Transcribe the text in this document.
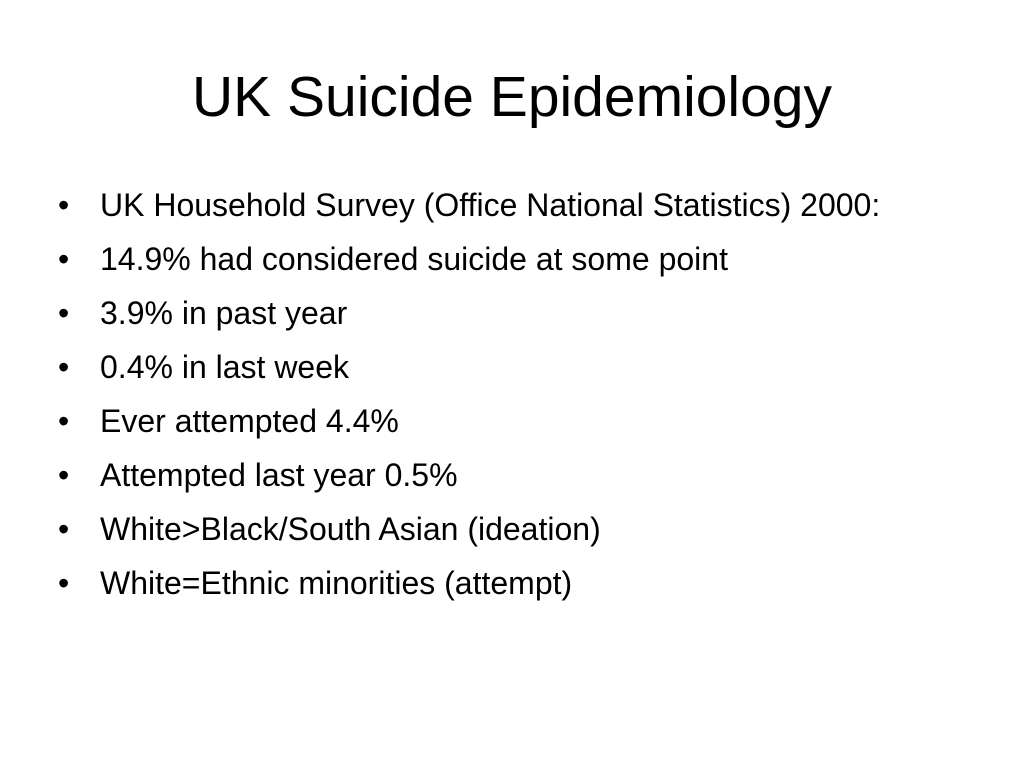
UK Suicide Epidemiology
• UK Household Survey (Office National Statistics) 2000:
• 14.9% had considered suicide at some point
• 3.9% in past year
• 0.4% in last week
• Ever attempted 4.4%
• Attempted last year 0.5%
• White>Black/South Asian (ideation)
• White=Ethnic minorities (attempt)
